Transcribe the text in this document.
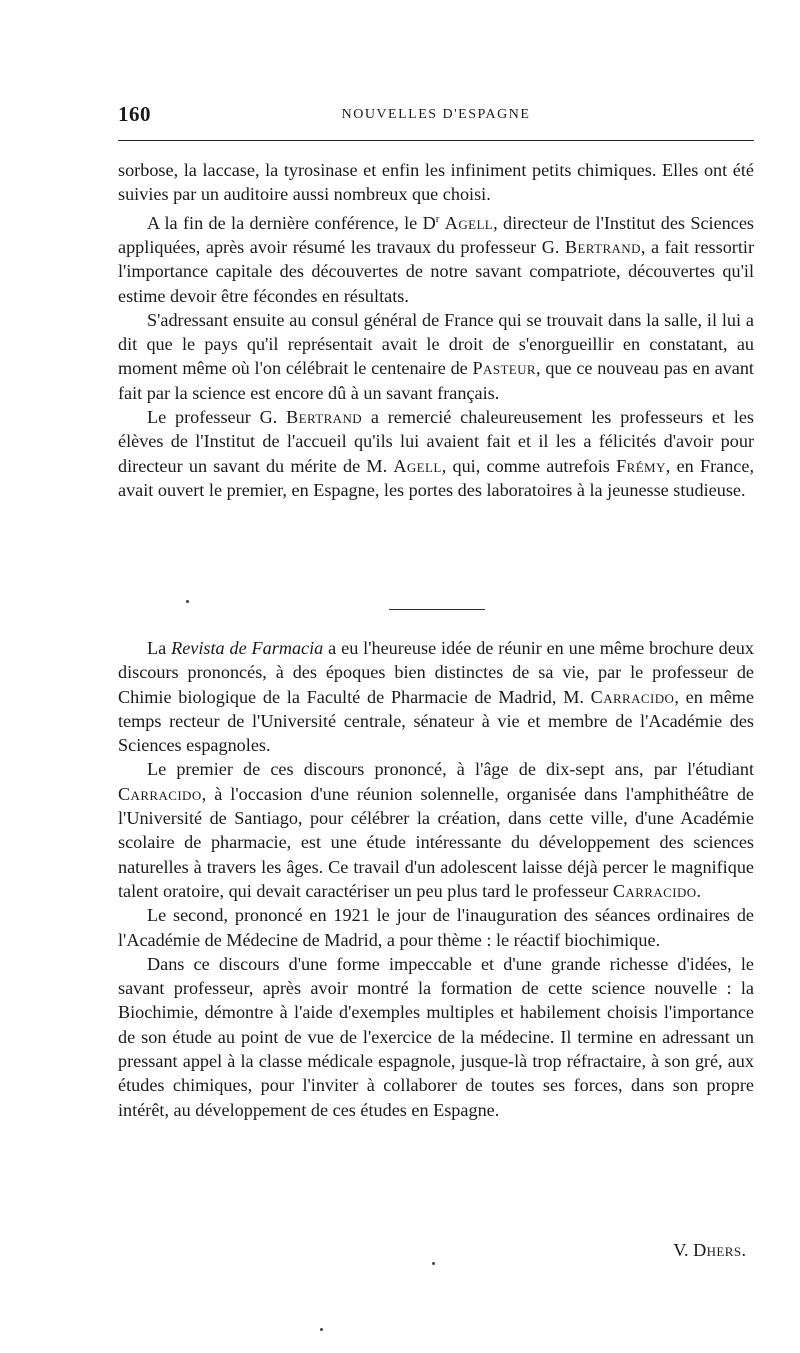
160	NOUVELLES D'ESPAGNE

sorbose, la laccase, la tyrosinase et enfin les infiniment petits chimiques. Elles ont été suivies par un auditoire aussi nombreux que choisi.

A la fin de la dernière conférence, le $D^r$ Agell, directeur de l'Institut des Sciences appliquées, après avoir résumé les travaux du professeur G. Bertrand, a fait ressortir l'importance capitale des découvertes de notre savant compatriote, découvertes qu'il estime devoir être fécondes en résultats.

S'adressant ensuite au consul général de France qui se trouvait dans la salle, il lui a dit que le pays qu'il représentait avait le droit de s'enorgueillir en constatant, au moment même où l'on célébrait le centenaire de Pasteur, que ce nouveau pas en avant fait par la science est encore dû à un savant français.

Le professeur G. Bertrand a remercié chaleureusement les professeurs et les élèves de l'Institut de l'accueil qu'ils lui avaient fait et il les a félicités d'avoir pour directeur un savant du mérite de M. Agell, qui, comme autrefois Frémy, en France, avait ouvert le premier, en Espagne, les portes des laboratoires à la jeunesse studieuse.

La Revista de Farmacia a eu l'heureuse idée de réunir en une même brochure deux discours prononcés, à des époques bien distinctes de sa vie, par le professeur de Chimie biologique de la Faculté de Pharmacie de Madrid, M. Carracido, en même temps recteur de l'Université centrale, sénateur à vie et membre de l'Académie des Sciences espagnoles.

Le premier de ces discours prononcé, à l'âge de dix-sept ans, par l'étudiant Carracido, à l'occasion d'une réunion solennelle, organisée dans l'amphithéâtre de l'Université de Santiago, pour célébrer la création, dans cette ville, d'une Académie scolaire de pharmacie, est une étude intéressante du développement des sciences naturelles à travers les âges. Ce travail d'un adolescent laisse déjà percer le magnifique talent oratoire, qui devait caractériser un peu plus tard le professeur Carracido.

Le second, prononcé en 1921 le jour de l'inauguration des séances ordinaires de l'Académie de Médecine de Madrid, a pour thème : le réactif biochimique.

Dans ce discours d'une forme impeccable et d'une grande richesse d'idées, le savant professeur, après avoir montré la formation de cette science nouvelle : la Biochimie, démontre à l'aide d'exemples multiples et habilement choisis l'importance de son étude au point de vue de l'exercice de la médecine. Il termine en adressant un pressant appel à la classe médicale espagnole, jusque-là trop réfractaire, à son gré, aux études chimiques, pour l'inviter à collaborer de toutes ses forces, dans son propre intérêt, au développement de ces études en Espagne.

V. Dhers.
